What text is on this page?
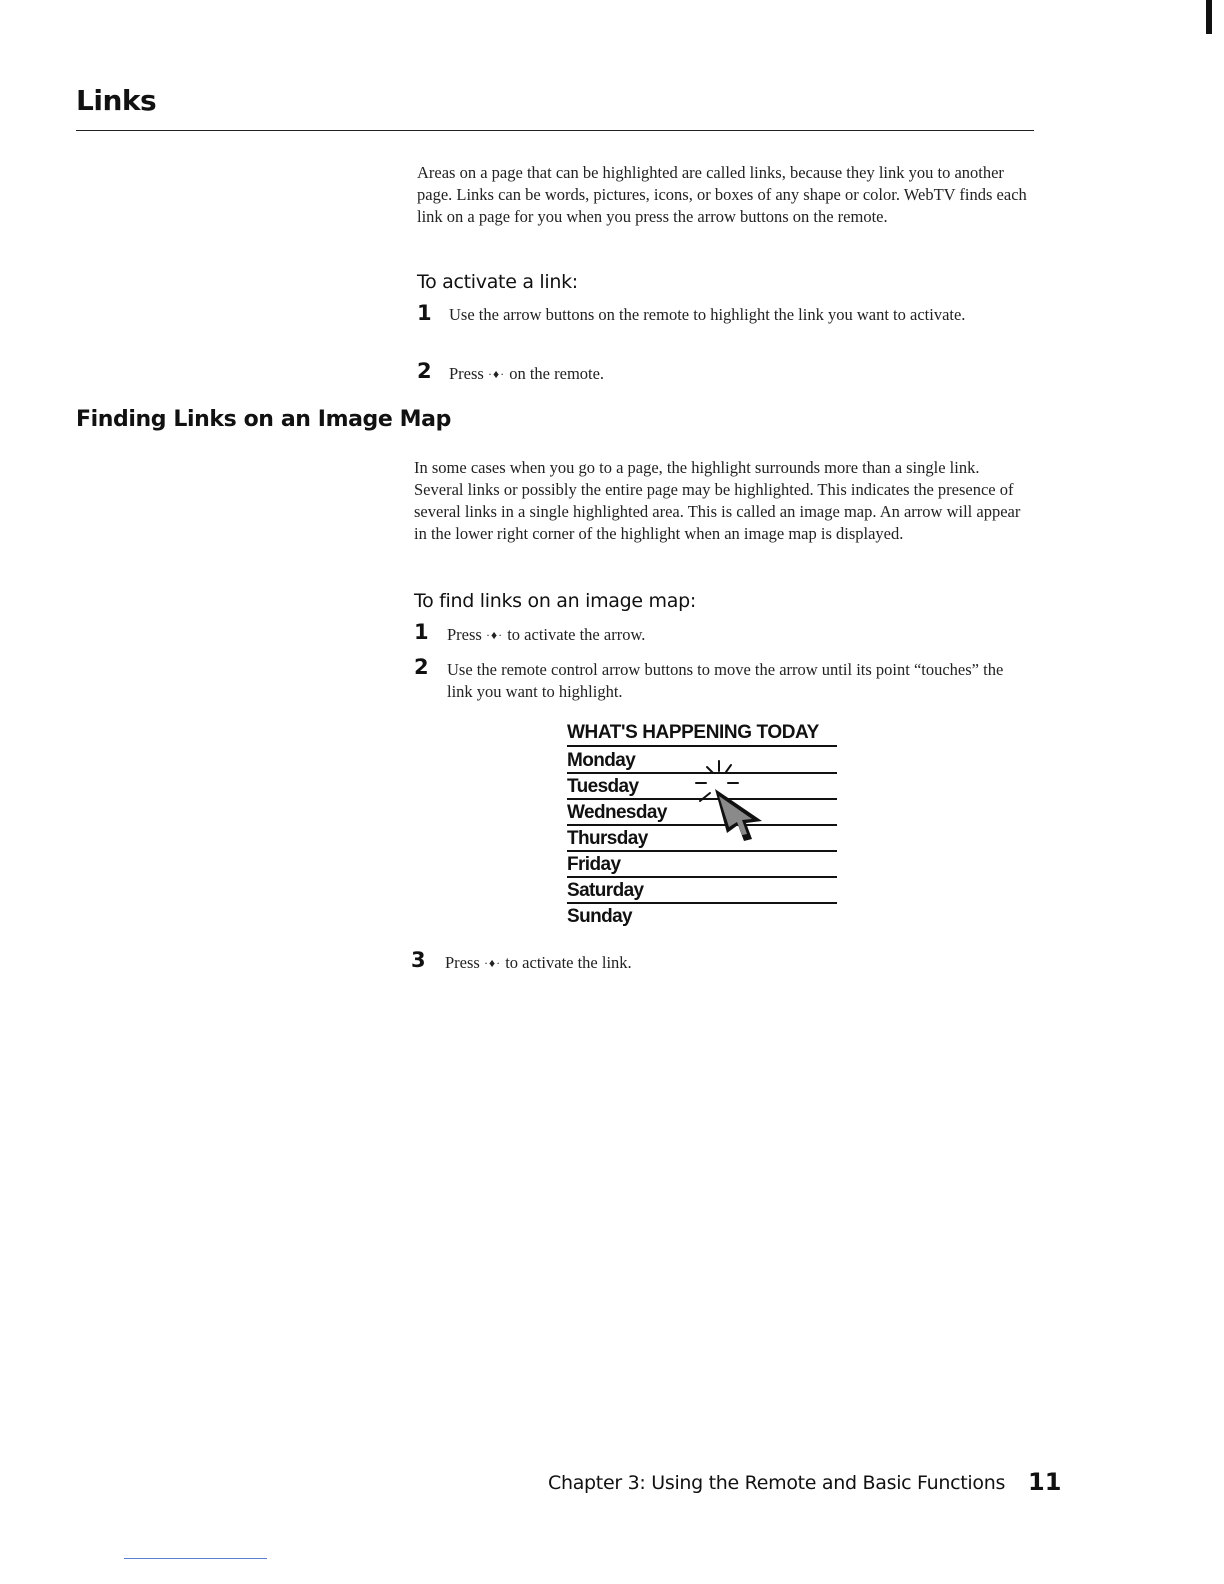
Links
Areas on a page that can be highlighted are called links, because they link you to another page. Links can be words, pictures, icons, or boxes of any shape or color. WebTV finds each link on a page for you when you press the arrow buttons on the remote.
To activate a link:
1 Use the arrow buttons on the remote to highlight the link you want to activate.
2 Press ·♦· on the remote.
Finding Links on an Image Map
In some cases when you go to a page, the highlight surrounds more than a single link. Several links or possibly the entire page may be highlighted. This indicates the presence of several links in a single highlighted area. This is called an image map. An arrow will appear in the lower right corner of the highlight when an image map is displayed.
To find links on an image map:
1 Press ·♦· to activate the arrow.
2 Use the remote control arrow buttons to move the arrow until its point “touches” the link you want to highlight.
WHAT'S HAPPENING TODAY
Monday
Tuesday
Wednesday
Thursday
Friday
Saturday
Sunday
3 Press ·♦· to activate the link.
Chapter 3: Using the Remote and Basic Functions 11
